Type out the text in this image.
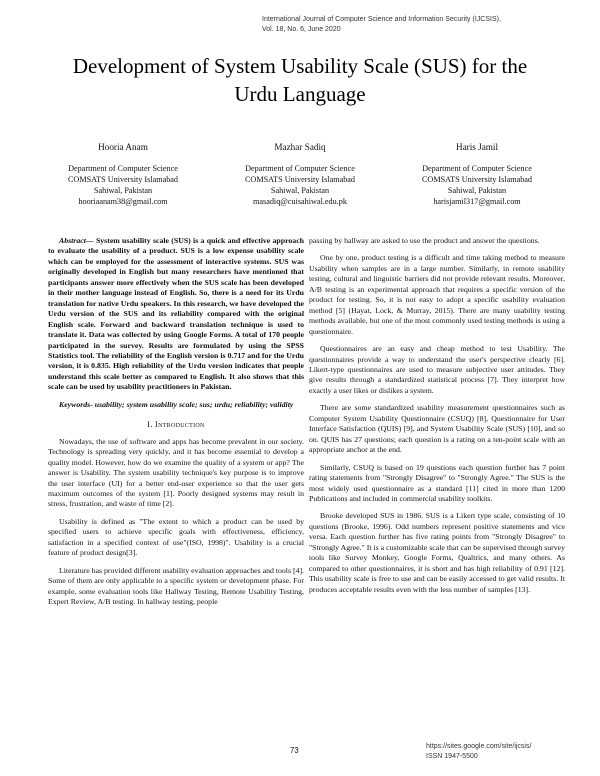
International Journal of Computer Science and Information Security (IJCSIS),
Vol. 18, No. 6, June 2020
Development of System Usability Scale (SUS) for the
Urdu Language
Hooria Anam
Department of Computer Science
COMSATS University Islamabad
Sahiwal, Pakistan
hooriaanam38@gmail.com
Mazhar Sadiq
Department of Computer Science
COMSATS University Islamabad
Sahiwal, Pakistan
masadiq@cuisahiwal.edu.pk
Haris Jamil
Department of Computer Science
COMSATS University Islamabad
Sahiwal, Pakistan
harisjamil317@gmail.com

Abstract— System usability scale (SUS) is a quick and effective approach to evaluate the usability of a product. SUS is a low expense usability scale which can be employed for the assessment of interactive systems. SUS was originally developed in English but many researchers have mentioned that participants answer more effectively when the SUS scale has been developed in their mother language instead of English. So, there is a need for its Urdu translation for native Urdu speakers. In this research, we have developed the Urdu version of the SUS and its reliability compared with the original English scale. Forward and backward translation technique is used to translate it. Data was collected by using Google Forms. A total of 170 people participated in the survey. Results are formulated by using the SPSS Statistics tool. The reliability of the English version is 0.717 and for the Urdu version, it is 0.835. High reliability of the Urdu version indicates that people understand this scale better as compared to English. It also shows that this scale can be used by usability practitioners in Pakistan.

Keywords- usability; system usability scale; sus; urdu; reliability; validity

I. Introduction

Nowadays, the use of software and apps has become prevalent in our society. Technology is spreading very quickly, and it has become essential to develop a quality model. However, how do we examine the quality of a system or app? The answer is Usability. The system usability technique's key purpose is to improve the user interface (UI) for a better end-user experience so that the user gets maximum outcomes of the system [1]. Poorly designed systems may result in stress, frustration, and waste of time [2].

Usability is defined as "The extent to which a product can be used by specified users to achieve specific goals with effectiveness, efficiency, satisfaction in a specified context of use"(ISO, 1998)". Usability is a crucial feature of product design[3].

Literature has provided different usability evaluation approaches and tools [4]. Some of them are only applicable to a specific system or development phase. For example, some evaluation tools like Hallway Testing, Remote Usability Testing, Expert Review, A/B testing. In hallway testing, people

passing by hallway are asked to use the product and answer the questions.

One by one, product testing is a difficult and time taking method to measure Usability when samples are in a large number. Similarly, in remote usability testing, cultural and linguistic barriers did not provide relevant results. Moreover, A/B testing is an experimental approach that requires a specific version of the product for testing. So, it is not easy to adopt a specific usability evaluation method [5] (Hayat, Lock, & Murray, 2015). There are many usability testing methods available, but one of the most commonly used testing methods is using a questionnaire.

Questionnaires are an easy and cheap method to test Usability. The questionnaires provide a way to understand the user's perspective clearly [6]. Likert-type questionnaires are used to measure subjective user attitudes. They give results through a standardized statistical process [7]. They interpret how exactly a user likes or dislikes a system.

There are some standardized usability measurement questionnaires such as Computer System Usability Questionnaire (CSUQ) [8], Questionnaire for User Interface Satisfaction (QUIS) [9], and System Usability Scale (SUS) [10], and so on. QUIS has 27 questions; each question is a rating on a ten-point scale with an appropriate anchor at the end.

Similarly, CSUQ is based on 19 questions each question further has 7 point rating statements from "Strongly Disagree" to "Strongly Agree." The SUS is the most widely used questionnaire as a standard [11] cited in more than 1200 Publications and included in commercial usability toolkits.

Brooke developed SUS in 1986. SUS is a Likert type scale, consisting of 10 questions (Brooke, 1996). Odd numbers represent positive statements and vice versa. Each question further has five rating points from "Strongly Disagree" to "Strongly Agree." It is a customizable scale that can be supervised through survey tools like Survey Monkey, Google Forms, Qualtrics, and many others. As compared to other questionnaires, it is short and has high reliability of 0.91 [12]. This usability scale is free to use and can be easily accessed to get valid results. It produces acceptable results even with the less number of samples [13].

73	https://sites.google.com/site/ijcsis/
ISSN 1947-5500
